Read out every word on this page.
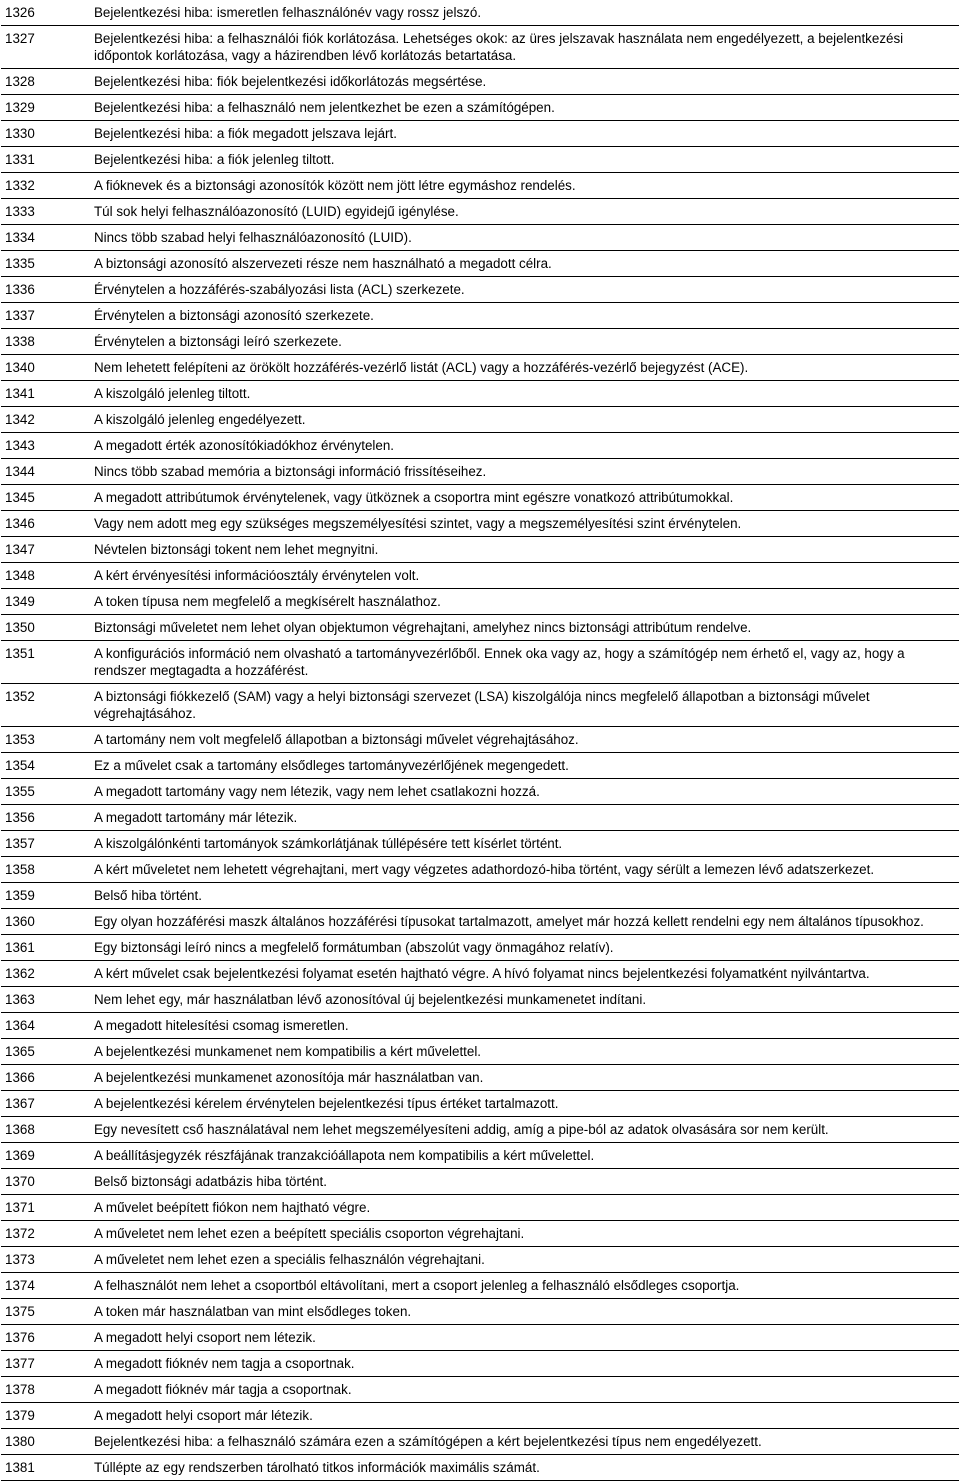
1326	Bejelentkezési hiba: ismeretlen felhasználónév vagy rossz jelszó.
1327	Bejelentkezési hiba: a felhasználói fiók korlátozása. Lehetséges okok: az üres jelszavak használata nem engedélyezett, a bejelentkezési időpontok korlátozása, vagy a házirendben lévő korlátozás betartatása.
1328	Bejelentkezési hiba: fiók bejelentkezési időkorlátozás megsértése.
1329	Bejelentkezési hiba: a felhasználó nem jelentkezhet be ezen a számítógépen.
1330	Bejelentkezési hiba: a fiók megadott jelszava lejárt.
1331	Bejelentkezési hiba: a fiók jelenleg tiltott.
1332	A fióknevek és a biztonsági azonosítók között nem jött létre egymáshoz rendelés.
1333	Túl sok helyi felhasználóazonosító (LUID) egyidejű igénylése.
1334	Nincs több szabad helyi felhasználóazonosító (LUID).
1335	A biztonsági azonosító alszervezeti része nem használható a megadott célra.
1336	Érvénytelen a hozzáférés-szabályozási lista (ACL) szerkezete.
1337	Érvénytelen a biztonsági azonosító szerkezete.
1338	Érvénytelen a biztonsági leíró szerkezete.
1340	Nem lehetett felépíteni az örökölt hozzáférés-vezérlő listát (ACL) vagy a hozzáférés-vezérlő bejegyzést (ACE).
1341	A kiszolgáló jelenleg tiltott.
1342	A kiszolgáló jelenleg engedélyezett.
1343	A megadott érték azonosítókiadókhoz érvénytelen.
1344	Nincs több szabad memória a biztonsági információ frissítéseihez.
1345	A megadott attribútumok érvénytelenek, vagy ütköznek a csoportra mint egészre vonatkozó attribútumokkal.
1346	Vagy nem adott meg egy szükséges megszemélyesítési szintet, vagy a megszemélyesítési szint érvénytelen.
1347	Névtelen biztonsági tokent nem lehet megnyitni.
1348	A kért érvényesítési információosztály érvénytelen volt.
1349	A token típusa nem megfelelő a megkísérelt használathoz.
1350	Biztonsági műveletet nem lehet olyan objektumon végrehajtani, amelyhez nincs biztonsági attribútum rendelve.
1351	A konfigurációs információ nem olvasható a tartományvezérlőből. Ennek oka vagy az, hogy a számítógép nem érhető el, vagy az, hogy a rendszer megtagadta a hozzáférést.
1352	A biztonsági fiókkezelő (SAM) vagy a helyi biztonsági szervezet (LSA) kiszolgálója nincs megfelelő állapotban a biztonsági művelet végrehajtásához.
1353	A tartomány nem volt megfelelő állapotban a biztonsági művelet végrehajtásához.
1354	Ez a művelet csak a tartomány elsődleges tartományvezérlőjének megengedett.
1355	A megadott tartomány vagy nem létezik, vagy nem lehet csatlakozni hozzá.
1356	A megadott tartomány már létezik.
1357	A kiszolgálónkénti tartományok számkorlátjának túllépésére tett kísérlet történt.
1358	A kért műveletet nem lehetett végrehajtani, mert vagy végzetes adathordozó-hiba történt, vagy sérült a lemezen lévő adatszerkezet.
1359	Belső hiba történt.
1360	Egy olyan hozzáférési maszk általános hozzáférési típusokat tartalmazott, amelyet már hozzá kellett rendelni egy nem általános típusokhoz.
1361	Egy biztonsági leíró nincs a megfelelő formátumban (abszolút vagy önmagához relatív).
1362	A kért művelet csak bejelentkezési folyamat esetén hajtható végre. A hívó folyamat nincs bejelentkezési folyamatként nyilvántartva.
1363	Nem lehet egy, már használatban lévő azonosítóval új bejelentkezési munkamenetet indítani.
1364	A megadott hitelesítési csomag ismeretlen.
1365	A bejelentkezési munkamenet nem kompatibilis a kért művelettel.
1366	A bejelentkezési munkamenet azonosítója már használatban van.
1367	A bejelentkezési kérelem érvénytelen bejelentkezési típus értéket tartalmazott.
1368	Egy nevesített cső használatával nem lehet megszemélyesíteni addig, amíg a pipe-ból az adatok olvasására sor nem került.
1369	A beállításjegyzék részfájának tranzakcióállapota nem kompatibilis a kért művelettel.
1370	Belső biztonsági adatbázis hiba történt.
1371	A művelet beépített fiókon nem hajtható végre.
1372	A műveletet nem lehet ezen a beépített speciális csoporton végrehajtani.
1373	A műveletet nem lehet ezen a speciális felhasználón végrehajtani.
1374	A felhasználót nem lehet a csoportból eltávolítani, mert a csoport jelenleg a felhasználó elsődleges csoportja.
1375	A token már használatban van mint elsődleges token.
1376	A megadott helyi csoport nem létezik.
1377	A megadott fióknév nem tagja a csoportnak.
1378	A megadott fióknév már tagja a csoportnak.
1379	A megadott helyi csoport már létezik.
1380	Bejelentkezési hiba: a felhasználó számára ezen a számítógépen a kért bejelentkezési típus nem engedélyezett.
1381	Túllépte az egy rendszerben tárolható titkos információk maximális számát.
